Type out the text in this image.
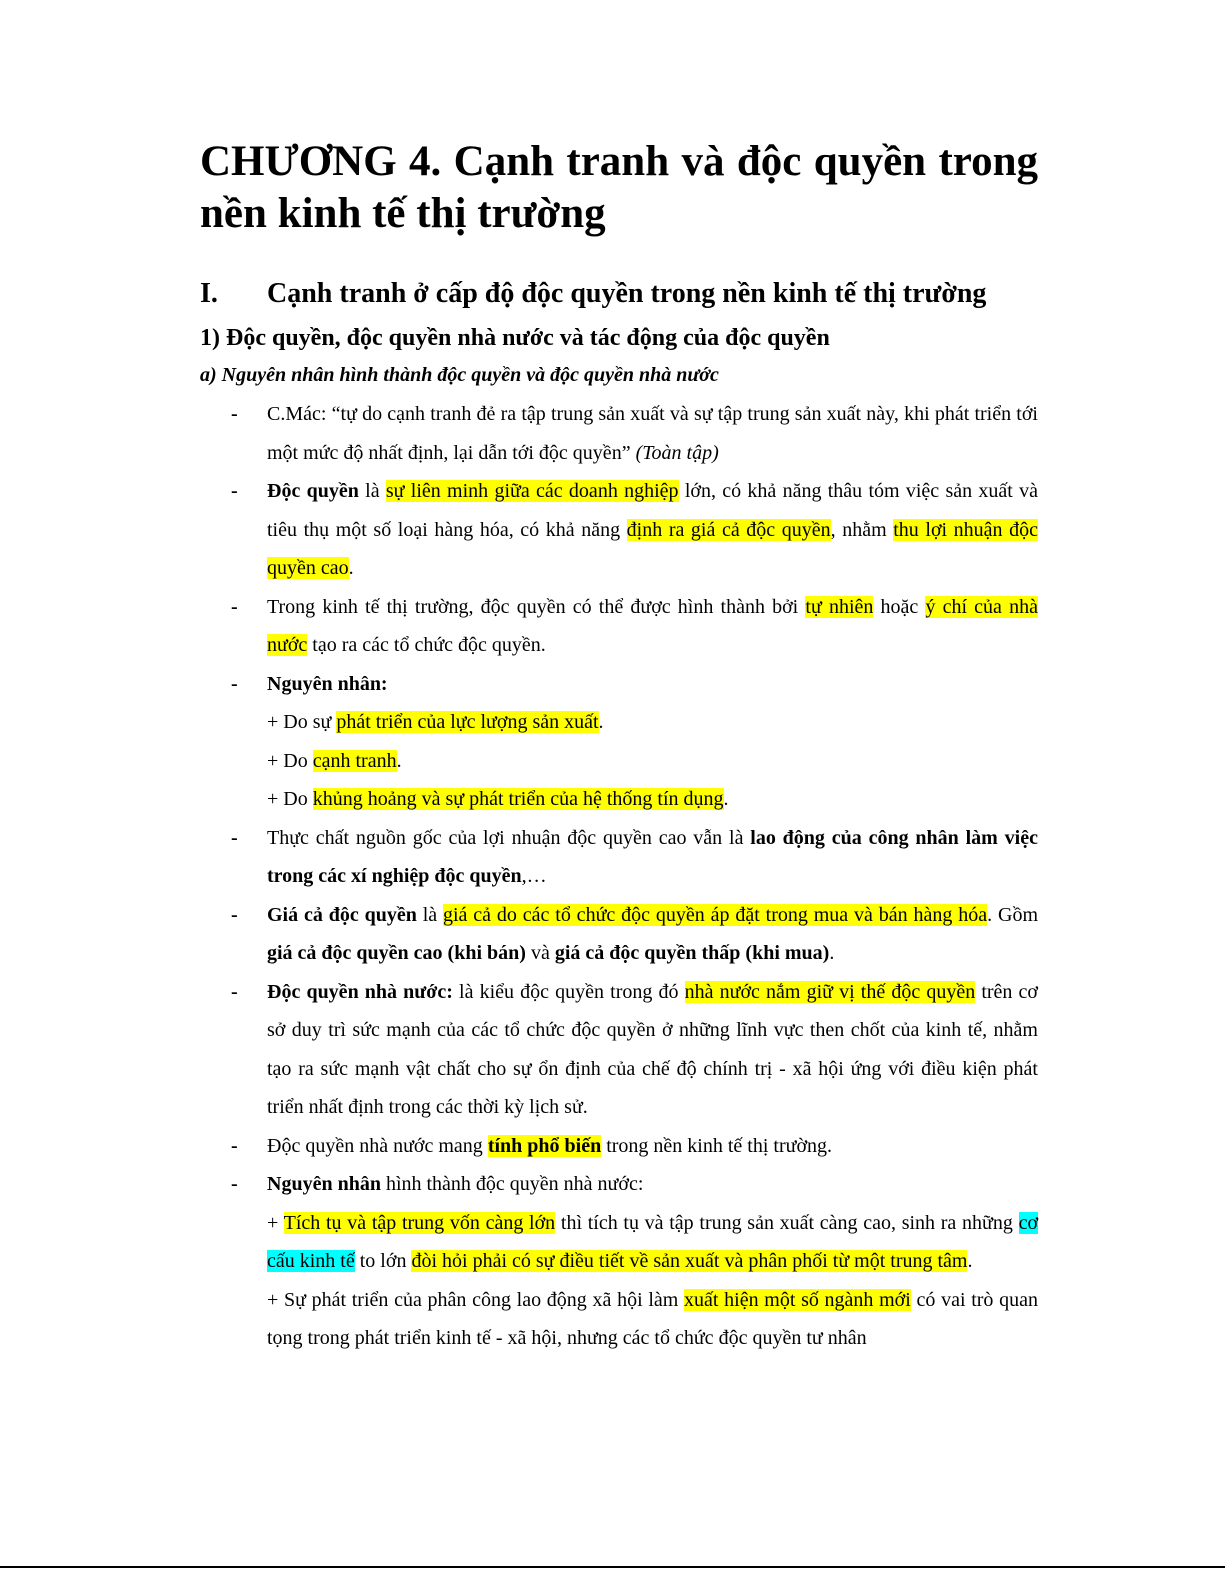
CHƯƠNG 4. Cạnh tranh và độc quyền trong nền kinh tế thị trường
I.	Cạnh tranh ở cấp độ độc quyền trong nền kinh tế thị trường
1) Độc quyền, độc quyền nhà nước và tác động của độc quyền
a) Nguyên nhân hình thành độc quyền và độc quyền nhà nước
- C.Mác: “tự do cạnh tranh đẻ ra tập trung sản xuất và sự tập trung sản xuất này, khi phát triển tới một mức độ nhất định, lại dẫn tới độc quyền” (Toàn tập)
- Độc quyền là sự liên minh giữa các doanh nghiệp lớn, có khả năng thâu tóm việc sản xuất và tiêu thụ một số loại hàng hóa, có khả năng định ra giá cả độc quyền, nhằm thu lợi nhuận độc quyền cao.
- Trong kinh tế thị trường, độc quyền có thể được hình thành bởi tự nhiên hoặc ý chí của nhà nước tạo ra các tổ chức độc quyền.
- Nguyên nhân:
+ Do sự phát triển của lực lượng sản xuất.
+ Do cạnh tranh.
+ Do khủng hoảng và sự phát triển của hệ thống tín dụng.
- Thực chất nguồn gốc của lợi nhuận độc quyền cao vẫn là lao động của công nhân làm việc trong các xí nghiệp độc quyền,…
- Giá cả độc quyền là giá cả do các tổ chức độc quyền áp đặt trong mua và bán hàng hóa. Gồm giá cả độc quyền cao (khi bán) và giá cả độc quyền thấp (khi mua).
- Độc quyền nhà nước: là kiểu độc quyền trong đó nhà nước nắm giữ vị thế độc quyền trên cơ sở duy trì sức mạnh của các tổ chức độc quyền ở những lĩnh vực then chốt của kinh tế, nhằm tạo ra sức mạnh vật chất cho sự ổn định của chế độ chính trị - xã hội ứng với điều kiện phát triển nhất định trong các thời kỳ lịch sử.
- Độc quyền nhà nước mang tính phổ biến trong nền kinh tế thị trường.
- Nguyên nhân hình thành độc quyền nhà nước:
+ Tích tụ và tập trung vốn càng lớn thì tích tụ và tập trung sản xuất càng cao, sinh ra những cơ cấu kinh tế to lớn đòi hỏi phải có sự điều tiết về sản xuất và phân phối từ một trung tâm.
+ Sự phát triển của phân công lao động xã hội làm xuất hiện một số ngành mới có vai trò quan tọng trong phát triển kinh tế - xã hội, nhưng các tổ chức độc quyền tư nhân
